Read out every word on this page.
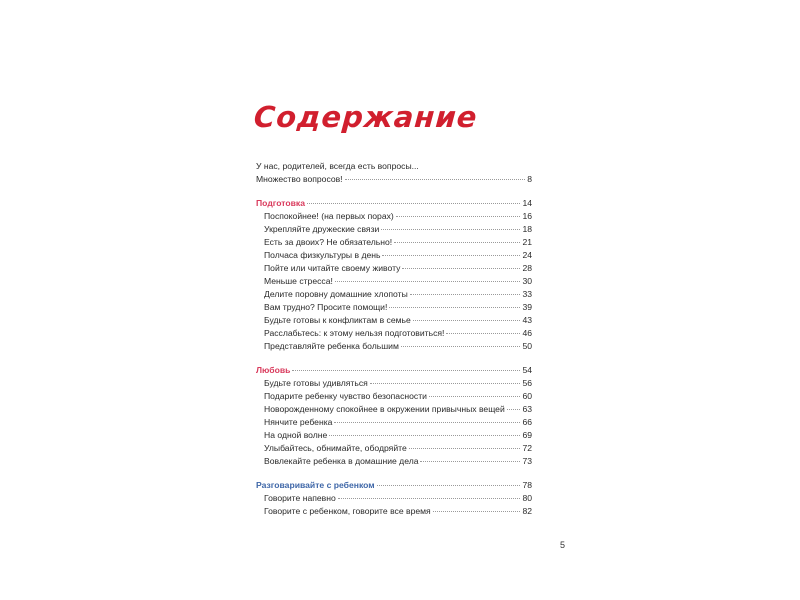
Содержание
У нас, родителей, всегда есть вопросы...
Множество вопросов!	8
Подготовка	14
Поспокойнее! (на первых порах)	16
Укрепляйте дружеские связи	18
Есть за двоих? Не обязательно!	21
Полчаса физкультуры в день	24
Пойте или читайте своему животу	28
Меньше стресса!	30
Делите поровну домашние хлопоты	33
Вам трудно? Просите помощи!	39
Будьте готовы к конфликтам в семье	43
Расслабьтесь: к этому нельзя подготовиться!	46
Представляйте ребенка большим	50
Любовь	54
Будьте готовы удивляться	56
Подарите ребенку чувство безопасности	60
Новорожденному спокойнее в окружении привычных вещей 63
Нянчите ребенка	66
На одной волне	69
Улыбайтесь, обнимайте, ободряйте	72
Вовлекайте ребенка в домашние дела	73
Разговаривайте с ребенком	78
Говорите напевно	80
Говорите с ребенком, говорите все время	82
5
